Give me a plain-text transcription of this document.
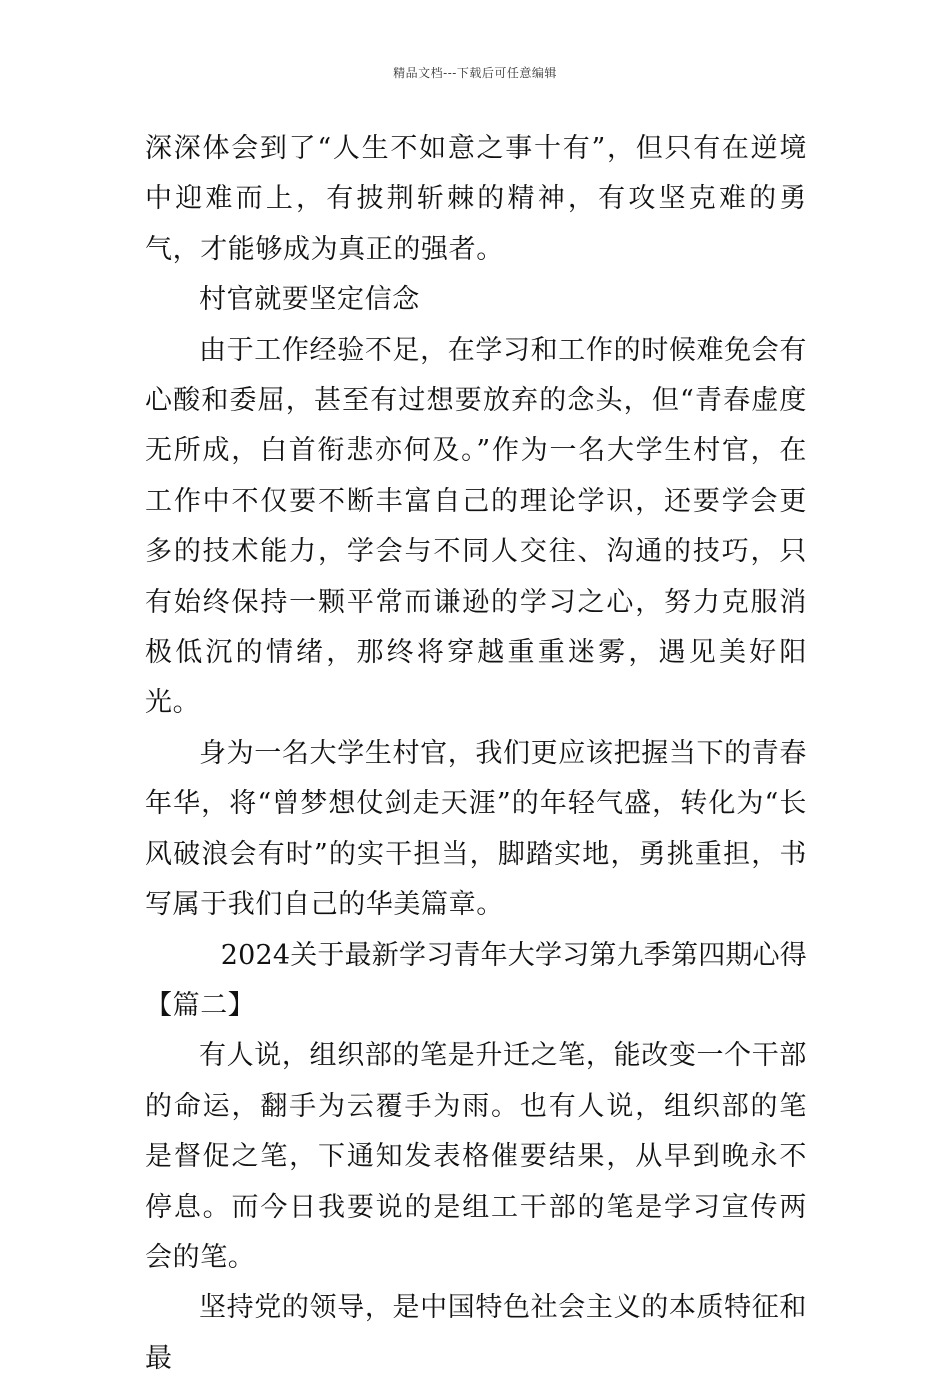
精品文档---下载后可任意编辑

深深体会到了“人生不如意之事十有”，但只有在逆境中迎难而上，有披荆斩棘的精神，有攻坚克难的勇气，才能够成为真正的强者。

村官就要坚定信念

由于工作经验不足，在学习和工作的时候难免会有心酸和委屈，甚至有过想要放弃的念头，但“青春虚度无所成，白首衔悲亦何及。”作为一名大学生村官，在工作中不仅要不断丰富自己的理论学识，还要学会更多的技术能力，学会与不同人交往、沟通的技巧，只有始终保持一颗平常而谦逊的学习之心，努力克服消极低沉的情绪，那终将穿越重重迷雾，遇见美好阳光。

身为一名大学生村官，我们更应该把握当下的青春年华，将“曾梦想仗剑走天涯”的年轻气盛，转化为“长风破浪会有时”的实干担当，脚踏实地，勇挑重担，书写属于我们自己的华美篇章。

2024关于最新学习青年大学习第九季第四期心得

【篇二】

有人说，组织部的笔是升迁之笔，能改变一个干部的命运，翻手为云覆手为雨。也有人说，组织部的笔是督促之笔，下通知发表格催要结果，从早到晚永不停息。而今日我要说的是组工干部的笔是学习宣传两会的笔。

坚持党的领导，是中国特色社会主义的本质特征和最
